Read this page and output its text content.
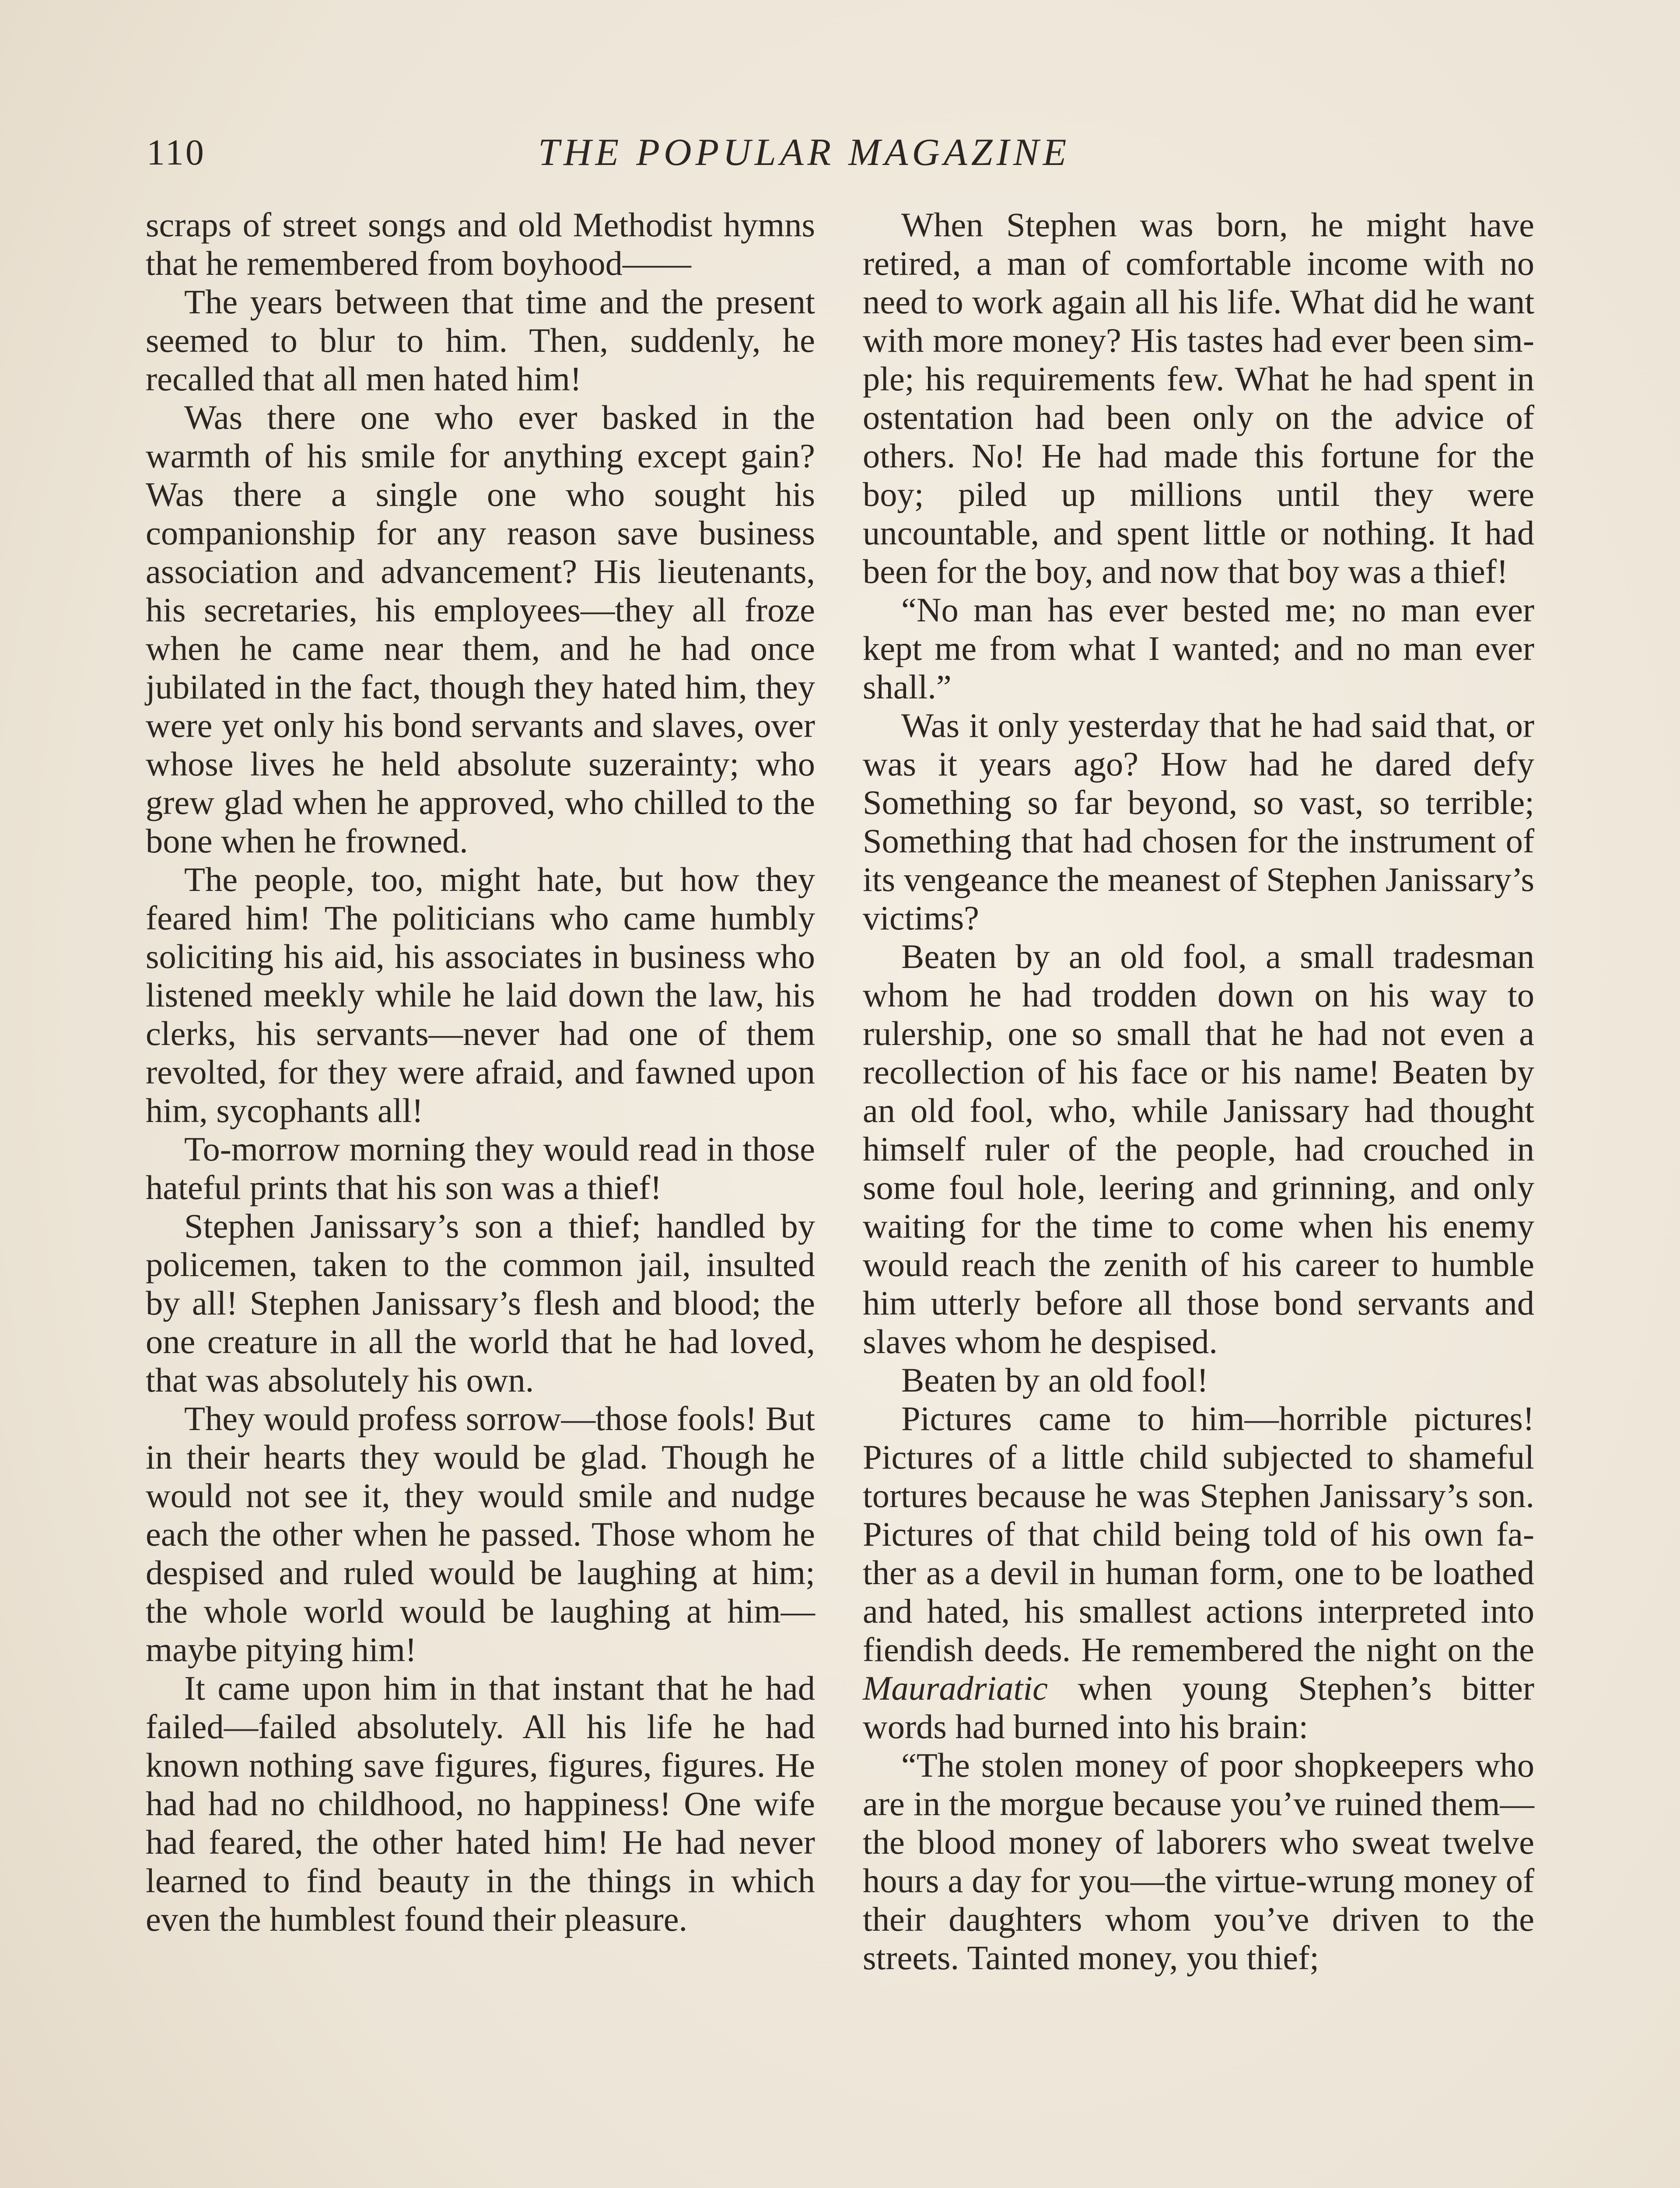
110	THE POPULAR MAGAZINE

scraps of street songs and old Methodist hymns that he remembered from boyhood——

The years between that time and the present seemed to blur to him. Then, suddenly, he recalled that all men hated him!

Was there one who ever basked in the warmth of his smile for anything except gain? Was there a single one who sought his companionship for any reason save business association and advancement? His lieutenants, his secretaries, his employees—they all froze when he came near them, and he had once jubilated in the fact, though they hated him, they were yet only his bond servants and slaves, over whose lives he held absolute suzerainty; who grew glad when he approved, who chilled to the bone when he frowned.

The people, too, might hate, but how they feared him! The politicians who came humbly soliciting his aid, his associates in business who listened meekly while he laid down the law, his clerks, his servants—never had one of them revolted, for they were afraid, and fawned upon him, sycophants all!

To-morrow morning they would read in those hateful prints that his son was a thief!

Stephen Janissary’s son a thief; handled by policemen, taken to the common jail, insulted by all! Stephen Janissary’s flesh and blood; the one creature in all the world that he had loved, that was absolutely his own.

They would profess sorrow—those fools! But in their hearts they would be glad. Though he would not see it, they would smile and nudge each the other when he passed. Those whom he despised and ruled would be laughing at him; the whole world would be laughing at him—maybe pitying him!

It came upon him in that instant that he had failed—failed absolutely. All his life he had known nothing save figures, figures, figures. He had had no childhood, no happiness! One wife had feared, the other hated him! He had never learned to find beauty in the things in which even the humblest found their pleasure.

When Stephen was born, he might have retired, a man of comfortable income with no need to work again all his life. What did he want with more money? His tastes had ever been simple; his requirements few. What he had spent in ostentation had been only on the advice of others. No! He had made this fortune for the boy; piled up millions until they were uncountable, and spent little or nothing. It had been for the boy, and now that boy was a thief!

“No man has ever bested me; no man ever kept me from what I wanted; and no man ever shall.”

Was it only yesterday that he had said that, or was it years ago? How had he dared defy Something so far beyond, so vast, so terrible; Something that had chosen for the instrument of its vengeance the meanest of Stephen Janissary’s victims?

Beaten by an old fool, a small tradesman whom he had trodden down on his way to rulership, one so small that he had not even a recollection of his face or his name! Beaten by an old fool, who, while Janissary had thought himself ruler of the people, had crouched in some foul hole, leering and grinning, and only waiting for the time to come when his enemy would reach the zenith of his career to humble him utterly before all those bond servants and slaves whom he despised.

Beaten by an old fool!

Pictures came to him—horrible pictures! Pictures of a little child subjected to shameful tortures because he was Stephen Janissary’s son. Pictures of that child being told of his own father as a devil in human form, one to be loathed and hated, his smallest actions interpreted into fiendish deeds. He remembered the night on the Mauradriatic when young Stephen’s bitter words had burned into his brain:

“The stolen money of poor shopkeepers who are in the morgue because you’ve ruined them—the blood money of laborers who sweat twelve hours a day for you—the virtue-wrung money of their daughters whom you’ve driven to the streets. Tainted money, you thief;
